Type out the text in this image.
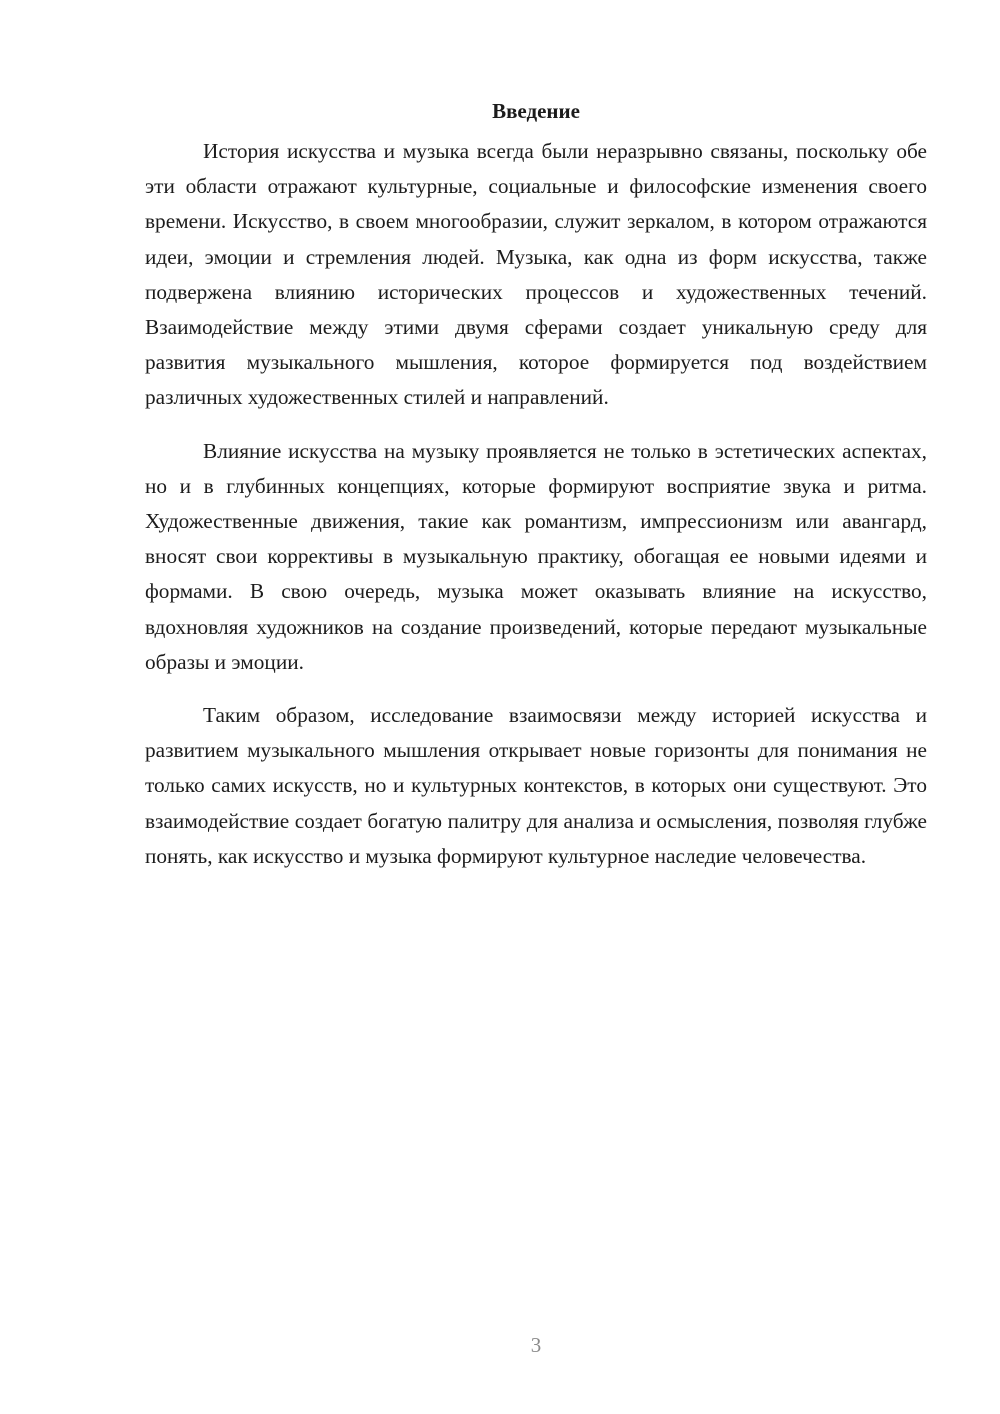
Введение

История искусства и музыка всегда были неразрывно связаны, поскольку обе эти области отражают культурные, социальные и философские изменения своего времени. Искусство, в своем многообразии, служит зеркалом, в котором отражаются идеи, эмоции и стремления людей. Музыка, как одна из форм искусства, также подвержена влиянию исторических процессов и художественных течений. Взаимодействие между этими двумя сферами создает уникальную среду для развития музыкального мышления, которое формируется под воздействием различных художественных стилей и направлений.

Влияние искусства на музыку проявляется не только в эстетических аспектах, но и в глубинных концепциях, которые формируют восприятие звука и ритма. Художественные движения, такие как романтизм, импрессионизм или авангард, вносят свои коррективы в музыкальную практику, обогащая ее новыми идеями и формами. В свою очередь, музыка может оказывать влияние на искусство, вдохновляя художников на создание произведений, которые передают музыкальные образы и эмоции.

Таким образом, исследование взаимосвязи между историей искусства и развитием музыкального мышления открывает новые горизонты для понимания не только самих искусств, но и культурных контекстов, в которых они существуют. Это взаимодействие создает богатую палитру для анализа и осмысления, позволяя глубже понять, как искусство и музыка формируют культурное наследие человечества.

3
